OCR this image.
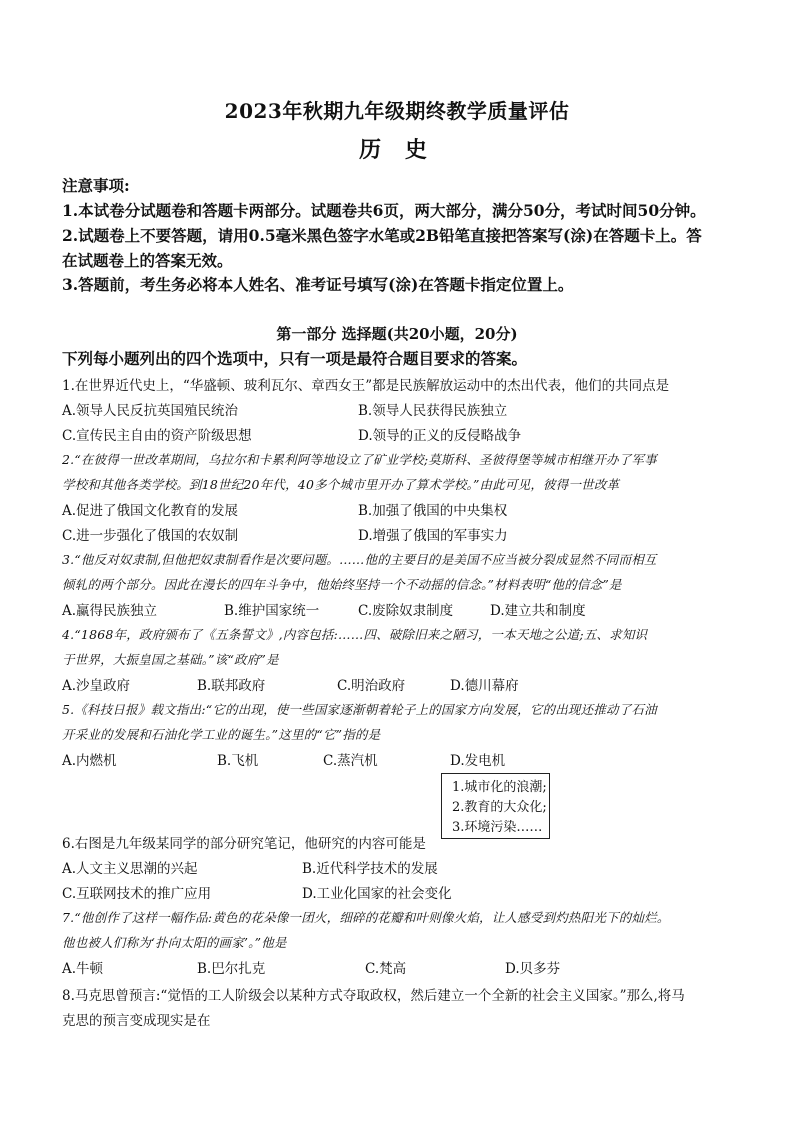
2023年秋期九年级期终教学质量评估
历 史
注意事项:
1.本试卷分试题卷和答题卡两部分。试题卷共6页，两大部分，满分50分，考试时间50分钟。
2.试题卷上不要答题，请用0.5毫米黑色签字水笔或2B铅笔直接把答案写(涂)在答题卡上。答
在试题卷上的答案无效。
3.答题前，考生务必将本人姓名、准考证号填写(涂)在答题卡指定位置上。
第一部分 选择题(共20小题，20分)
下列每小题列出的四个选项中，只有一项是最符合题目要求的答案。
1.在世界近代史上，“华盛顿、玻利瓦尔、章西女王”都是民族解放运动中的杰出代表，他们的共同点是
A.领导人民反抗英国殖民统治	B.领导人民获得民族独立
C.宣传民主自由的资产阶级思想	D.领导的正义的反侵略战争
2.“在彼得一世改革期间，乌拉尔和卡累利阿等地设立了矿业学校;莫斯科、圣彼得堡等城市相继开办了军事
学校和其他各类学校。到18世纪20年代，40多个城市里开办了算术学校。”由此可见，彼得一世改革
A.促进了俄国文化教育的发展	B.加强了俄国的中央集权
C.进一步强化了俄国的农奴制	D.增强了俄国的军事实力
3.“他反对奴隶制,但他把奴隶制看作是次要问题。……他的主要目的是美国不应当被分裂成显然不同而相互
倾轧的两个部分。因此在漫长的四年斗争中，他始终坚持一个不动摇的信念。”材料表明“他的信念”是
A.赢得民族独立	B.维护国家统一	C.废除奴隶制度	D.建立共和制度
4.“1868年，政府颁布了《五条誓文》,内容包括:……四、破除旧来之陋习，一本天地之公道;五、求知识
于世界，大振皇国之基础。”该“政府”是
A.沙皇政府	B.联邦政府	C.明治政府	D.德川幕府
5.《科技日报》载文指出:“它的出现，使一些国家逐渐朝着轮子上的国家方向发展，它的出现还推动了石油
开采业的发展和石油化学工业的诞生。”这里的“它”指的是
A.内燃机	B.飞机	C.蒸汽机	D.发电机
1.城市化的浪潮;
2.教育的大众化;
3.环境污染……
6.右图是九年级某同学的部分研究笔记，他研究的内容可能是
A.人文主义思潮的兴起	B.近代科学技术的发展
C.互联网技术的推广应用	D.工业化国家的社会变化
7.“他创作了这样一幅作品:黄色的花朵像一团火，细碎的花瓣和叶则像火焰，让人感受到灼热阳光下的灿烂。
他也被人们称为‘扑向太阳的画家’。”他是
A.牛顿	B.巴尔扎克	C.梵高	D.贝多芬
8.马克思曾预言:“觉悟的工人阶级会以某种方式夺取政权，然后建立一个全新的社会主义国家。”那么,将马
克思的预言变成现实是在
